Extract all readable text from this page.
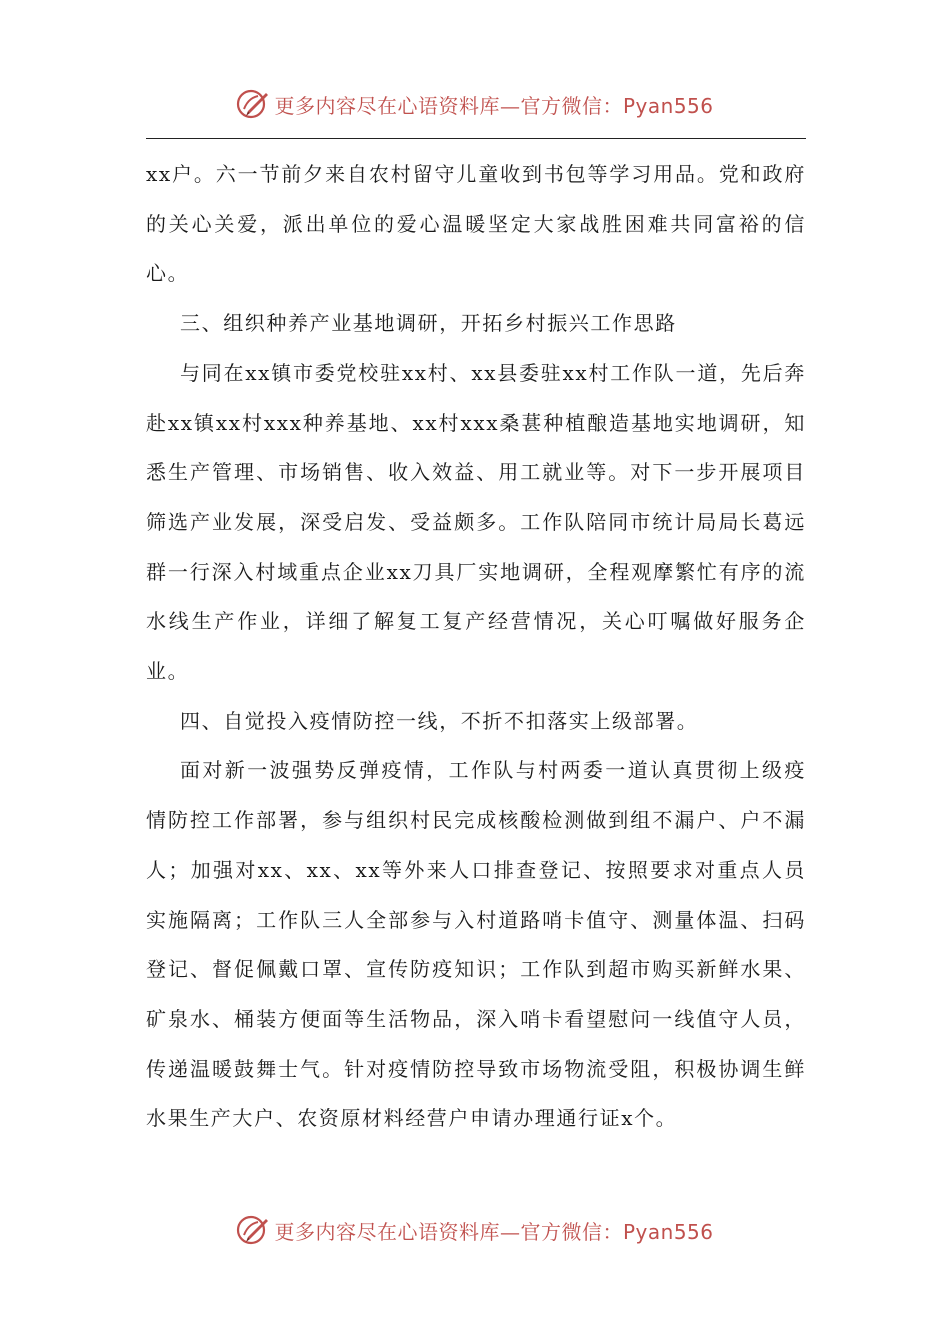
更多内容尽在心语资料库—官方微信：Pyan556

xx户。六一节前夕来自农村留守儿童收到书包等学习用品。党和政府的关心关爱，派出单位的爱心温暖坚定大家战胜困难共同富裕的信心。

三、组织种养产业基地调研，开拓乡村振兴工作思路

与同在xx镇市委党校驻xx村、xx县委驻xx村工作队一道，先后奔赴xx镇xx村xxx种养基地、xx村xxx桑葚种植酿造基地实地调研，知悉生产管理、市场销售、收入效益、用工就业等。对下一步开展项目筛选产业发展，深受启发、受益颇多。工作队陪同市统计局局长葛远群一行深入村域重点企业xx刀具厂实地调研，全程观摩繁忙有序的流水线生产作业，详细了解复工复产经营情况，关心叮嘱做好服务企业。

四、自觉投入疫情防控一线，不折不扣落实上级部署。

面对新一波强势反弹疫情，工作队与村两委一道认真贯彻上级疫情防控工作部署，参与组织村民完成核酸检测做到组不漏户、户不漏人；加强对xx、xx、xx等外来人口排查登记、按照要求对重点人员实施隔离；工作队三人全部参与入村道路哨卡值守、测量体温、扫码登记、督促佩戴口罩、宣传防疫知识；工作队到超市购买新鲜水果、矿泉水、桶装方便面等生活物品，深入哨卡看望慰问一线值守人员，传递温暖鼓舞士气。针对疫情防控导致市场物流受阻，积极协调生鲜水果生产大户、农资原材料经营户申请办理通行证x个。

更多内容尽在心语资料库—官方微信：Pyan556
